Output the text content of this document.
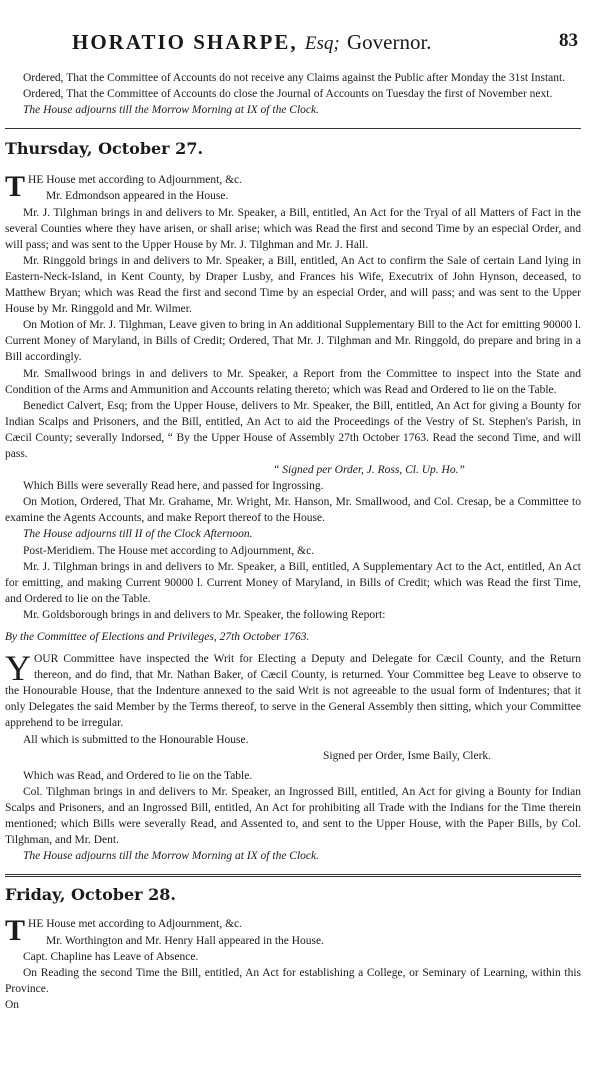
HORATIO SHARPE, Esq; Governor.	83

Ordered, That the Committee of Accounts do not receive any Claims against the Public after Monday the 31st Instant.

Ordered, That the Committee of Accounts do close the Journal of Accounts on Tuesday the first of November next.

The House adjourns till the Morrow Morning at IX of the Clock.

Thursday, October 27.

THE House met according to Adjournment, &c.

Mr. Edmondson appeared in the House.

Mr. J. Tilghman brings in and delivers to Mr. Speaker, a Bill, entitled, An Act for the Tryal of all Matters of Fact in the several Counties where they have arisen, or shall arise; which was Read the first and second Time by an especial Order, and will pass; and was sent to the Upper House by Mr. J. Tilghman and Mr. J. Hall.

Mr. Ringgold brings in and delivers to Mr. Speaker, a Bill, entitled, An Act to confirm the Sale of certain Land lying in Eastern-Neck-Island, in Kent County, by Draper Lusby, and Frances his Wife, Executrix of John Hynson, deceased, to Matthew Bryan; which was Read the first and second Time by an especial Order, and will pass; and was sent to the Upper House by Mr. Ringgold and Mr. Wilmer.

On Motion of Mr. J. Tilghman, Leave given to bring in An additional Supplementary Bill to the Act for emitting 90000 l. Current Money of Maryland, in Bills of Credit; Ordered, That Mr. J. Tilghman and Mr. Ringgold, do prepare and bring in a Bill accordingly.

Mr. Smallwood brings in and delivers to Mr. Speaker, a Report from the Committee to inspect into the State and Condition of the Arms and Ammunition and Accounts relating thereto; which was Read and Ordered to lie on the Table.

Benedict Calvert, Esq; from the Upper House, delivers to Mr. Speaker, the Bill, entitled, An Act for giving a Bounty for Indian Scalps and Prisoners, and the Bill, entitled, An Act to aid the Proceedings of the Vestry of St. Stephen's Parish, in Cæcil County; severally Indorsed, “ By the Upper House of Assembly 27th October 1763. Read the second Time, and will pass.

“ Signed per Order, J. Ross, Cl. Up. Ho.”

Which Bills were severally Read here, and passed for Ingrossing.

On Motion, Ordered, That Mr. Grahame, Mr. Wright, Mr. Hanson, Mr. Smallwood, and Col. Cresap, be a Committee to examine the Agents Accounts, and make Report thereof to the House.

The House adjourns till II of the Clock Afternoon.

Post-Meridiem. The House met according to Adjournment, &c.

Mr. J. Tilghman brings in and delivers to Mr. Speaker, a Bill, entitled, A Supplementary Act to the Act, entitled, An Act for emitting, and making Current 90000 l. Current Money of Maryland, in Bills of Credit; which was Read the first Time, and Ordered to lie on the Table.

Mr. Goldsborough brings in and delivers to Mr. Speaker, the following Report:

By the Committee of Elections and Privileges, 27th October 1763.

YOUR Committee have inspected the Writ for Electing a Deputy and Delegate for Cæcil County, and the Return thereon, and do find, that Mr. Nathan Baker, of Cæcil County, is returned. Your Committee beg Leave to observe to the Honourable House, that the Indenture annexed to the said Writ is not agreeable to the usual form of Indentures; that it only Delegates the said Member by the Terms thereof, to serve in the General Assembly then sitting, which your Committee apprehend to be irregular.

All which is submitted to the Honourable House.

Signed per Order, Isme Baily, Clerk.

Which was Read, and Ordered to lie on the Table.

Col. Tilghman brings in and delivers to Mr. Speaker, an Ingrossed Bill, entitled, An Act for giving a Bounty for Indian Scalps and Prisoners, and an Ingrossed Bill, entitled, An Act for prohibiting all Trade with the Indians for the Time therein mentioned; which Bills were severally Read, and Assented to, and sent to the Upper House, with the Paper Bills, by Col. Tilghman, and Mr. Dent.

The House adjourns till the Morrow Morning at IX of the Clock.

Friday, October 28.

THE House met according to Adjournment, &c.

Mr. Worthington and Mr. Henry Hall appeared in the House.

Capt. Chapline has Leave of Absence.

On Reading the second Time the Bill, entitled, An Act for establishing a College, or Seminary of Learning, within this Province.

On
